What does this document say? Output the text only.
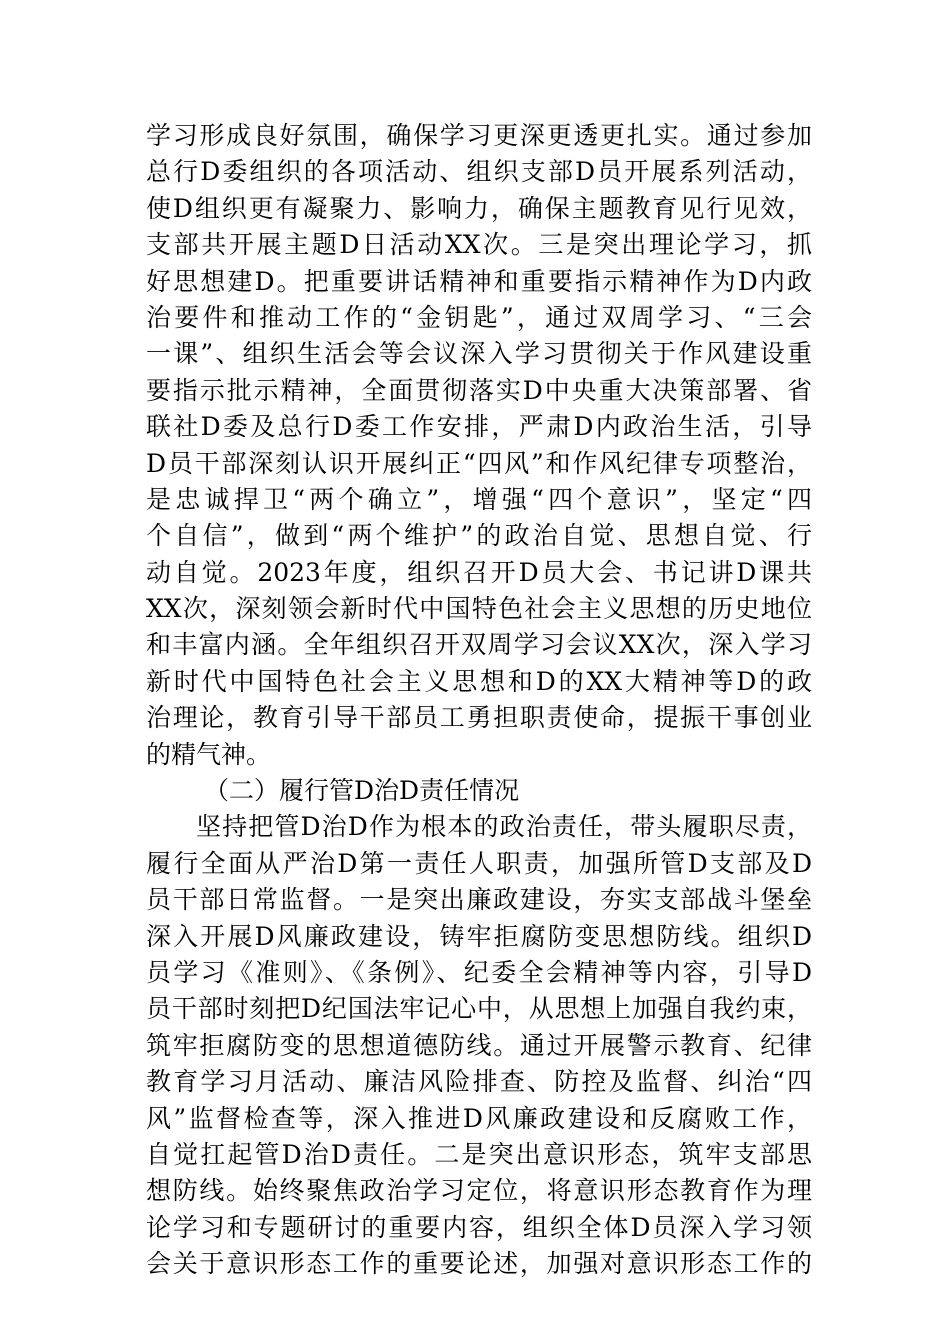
学习形成良好氛围，确保学习更深更透更扎实。通过参加
总行D委组织的各项活动、组织支部D员开展系列活动，
使D组织更有凝聚力、影响力，确保主题教育见行见效，
支部共开展主题D日活动XX次。三是突出理论学习，抓
好思想建D。把重要讲话精神和重要指示精神作为D内政
治要件和推动工作的“金钥匙”，通过双周学习、“三会
一课”、组织生活会等会议深入学习贯彻关于作风建设重
要指示批示精神，全面贯彻落实D中央重大决策部署、省
联社D委及总行D委工作安排，严肃D内政治生活，引导
D员干部深刻认识开展纠正“四风”和作风纪律专项整治，
是忠诚捍卫“两个确立”，增强“四个意识”，坚定“四
个自信”，做到“两个维护”的政治自觉、思想自觉、行
动自觉。2023年度，组织召开D员大会、书记讲D课共
XX次，深刻领会新时代中国特色社会主义思想的历史地位
和丰富内涵。全年组织召开双周学习会议XX次，深入学习
新时代中国特色社会主义思想和D的XX大精神等D的政
治理论，教育引导干部员工勇担职责使命，提振干事创业
的精气神。
（二）履行管D治D责任情况
坚持把管D治D作为根本的政治责任，带头履职尽责，
履行全面从严治D第一责任人职责，加强所管D支部及D
员干部日常监督。一是突出廉政建设，夯实支部战斗堡垒
深入开展D风廉政建设，铸牢拒腐防变思想防线。组织D
员学习《准则》、《条例》、纪委全会精神等内容，引导D
员干部时刻把D纪国法牢记心中，从思想上加强自我约束，
筑牢拒腐防变的思想道德防线。通过开展警示教育、纪律
教育学习月活动、廉洁风险排查、防控及监督、纠治“四
风”监督检查等，深入推进D风廉政建设和反腐败工作，
自觉扛起管D治D责任。二是突出意识形态，筑牢支部思
想防线。始终聚焦政治学习定位，将意识形态教育作为理
论学习和专题研讨的重要内容，组织全体D员深入学习领
会关于意识形态工作的重要论述，加强对意识形态工作的
